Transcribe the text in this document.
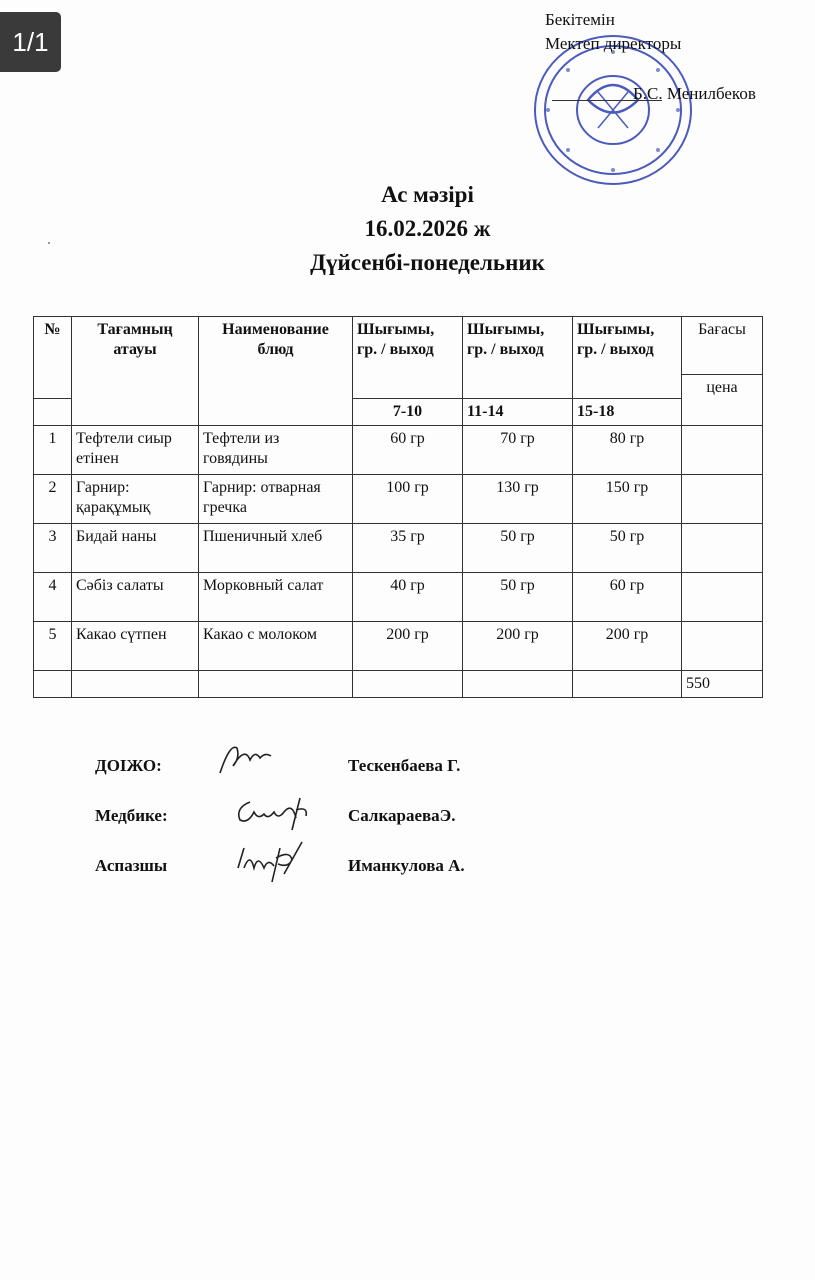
1/1
Бекітемін
Мектеп директоры
Б.С. Менилбеков
Ас мәзірі
16.02.2026 ж
Дүйсенбі-понедельник
№	Тағамның атауы	Наименование блюд	Шығымы, гр. / выход	Шығымы, гр. / выход	Шығымы, гр. / выход	Бағасы
						цена
			7-10	11-14	15-18	
1	Тефтели сиыр етінен	Тефтели из говядины	60 гр	70 гр	80 гр	
2	Гарнир: қарақұмық	Гарнир: отварная гречка	100 гр	130 гр	150 гр	
3	Бидай наны	Пшеничный хлеб	35 гр	50 гр	50 гр	
4	Сәбіз салаты	Морковный салат	40 гр	50 гр	60 гр	
5	Какао сүтпен	Какао с молоком	200 гр	200 гр	200 гр	
						550
ДОІЖО:	Тескенбаева Г.
Медбике:	СалкараеваЭ.
Аспазшы	Иманкулова А.
